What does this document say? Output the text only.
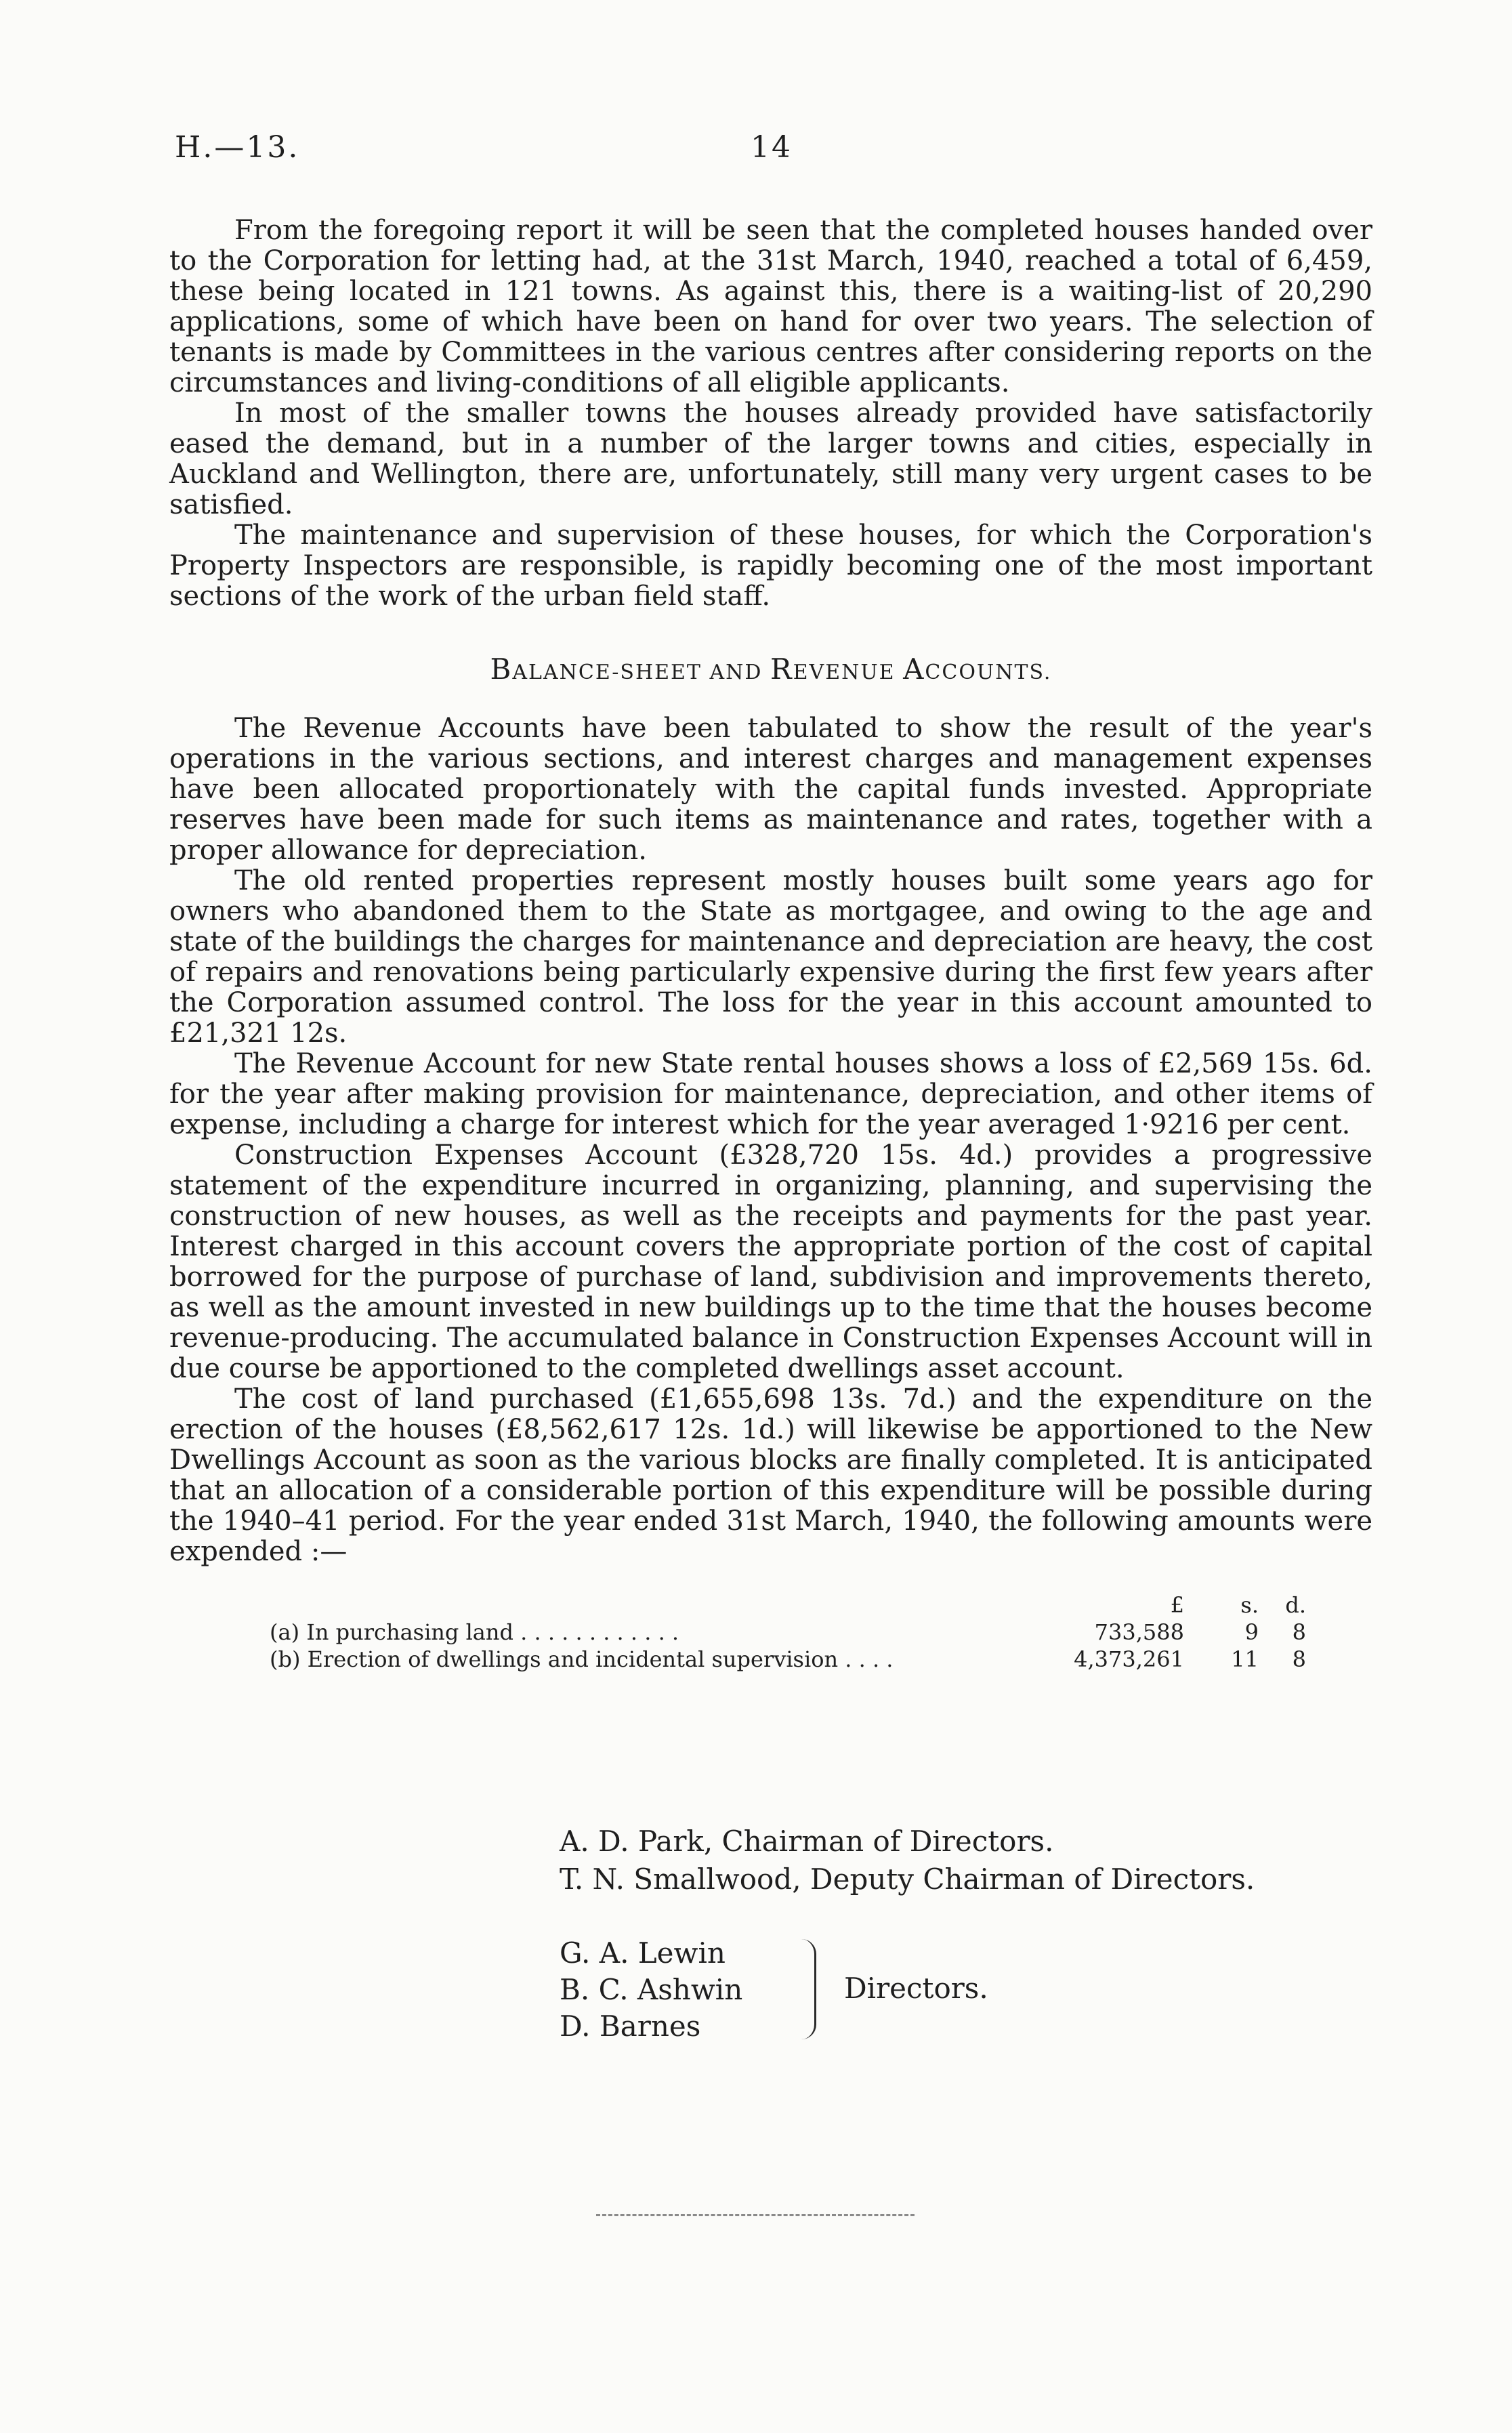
H.—13.	14

From the foregoing report it will be seen that the completed houses handed over to the Corporation for letting had, at the 31st March, 1940, reached a total of 6,459, these being located in 121 towns. As against this, there is a waiting-list of 20,290 applications, some of which have been on hand for over two years. The selection of tenants is made by Committees in the various centres after considering reports on the circumstances and living-conditions of all eligible applicants.

In most of the smaller towns the houses already provided have satisfactorily eased the demand, but in a number of the larger towns and cities, especially in Auckland and Wellington, there are, unfortunately, still many very urgent cases to be satisfied.

The maintenance and supervision of these houses, for which the Corporation's Property Inspectors are responsible, is rapidly becoming one of the most important sections of the work of the urban field staff.

BALANCE-SHEET AND REVENUE ACCOUNTS.

The Revenue Accounts have been tabulated to show the result of the year's operations in the various sections, and interest charges and management expenses have been allocated proportionately with the capital funds invested. Appropriate reserves have been made for such items as maintenance and rates, together with a proper allowance for depreciation.

The old rented properties represent mostly houses built some years ago for owners who abandoned them to the State as mortgagee, and owing to the age and state of the buildings the charges for maintenance and depreciation are heavy, the cost of repairs and renovations being particularly expensive during the first few years after the Corporation assumed control. The loss for the year in this account amounted to £21,321 12s.

The Revenue Account for new State rental houses shows a loss of £2,569 15s. 6d. for the year after making provision for maintenance, depreciation, and other items of expense, including a charge for interest which for the year averaged 1·9216 per cent.

Construction Expenses Account (£328,720 15s. 4d.) provides a progressive statement of the expenditure incurred in organizing, planning, and supervising the construction of new houses, as well as the receipts and payments for the past year. Interest charged in this account covers the appropriate portion of the cost of capital borrowed for the purpose of purchase of land, subdivision and improvements thereto, as well as the amount invested in new buildings up to the time that the houses become revenue-producing. The accumulated balance in Construction Expenses Account will in due course be apportioned to the completed dwellings asset account.

The cost of land purchased (£1,655,698 13s. 7d.) and the expenditure on the erection of the houses (£8,562,617 12s. 1d.) will likewise be apportioned to the New Dwellings Account as soon as the various blocks are finally completed. It is anticipated that an allocation of a considerable portion of this expenditure will be possible during the 1940–41 period. For the year ended 31st March, 1940, the following amounts were expended :—

£	s.	d.
(a) In purchasing land . . . . . . . . . . . .	733,588	9	8
(b) Erection of dwellings and incidental supervision . . . .	4,373,261	11	8
A. D. Park, Chairman of Directors.
T. N. Smallwood, Deputy Chairman of Directors.
G. A. Lewin
B. C. Ashwin
D. Barnes
Directors.
